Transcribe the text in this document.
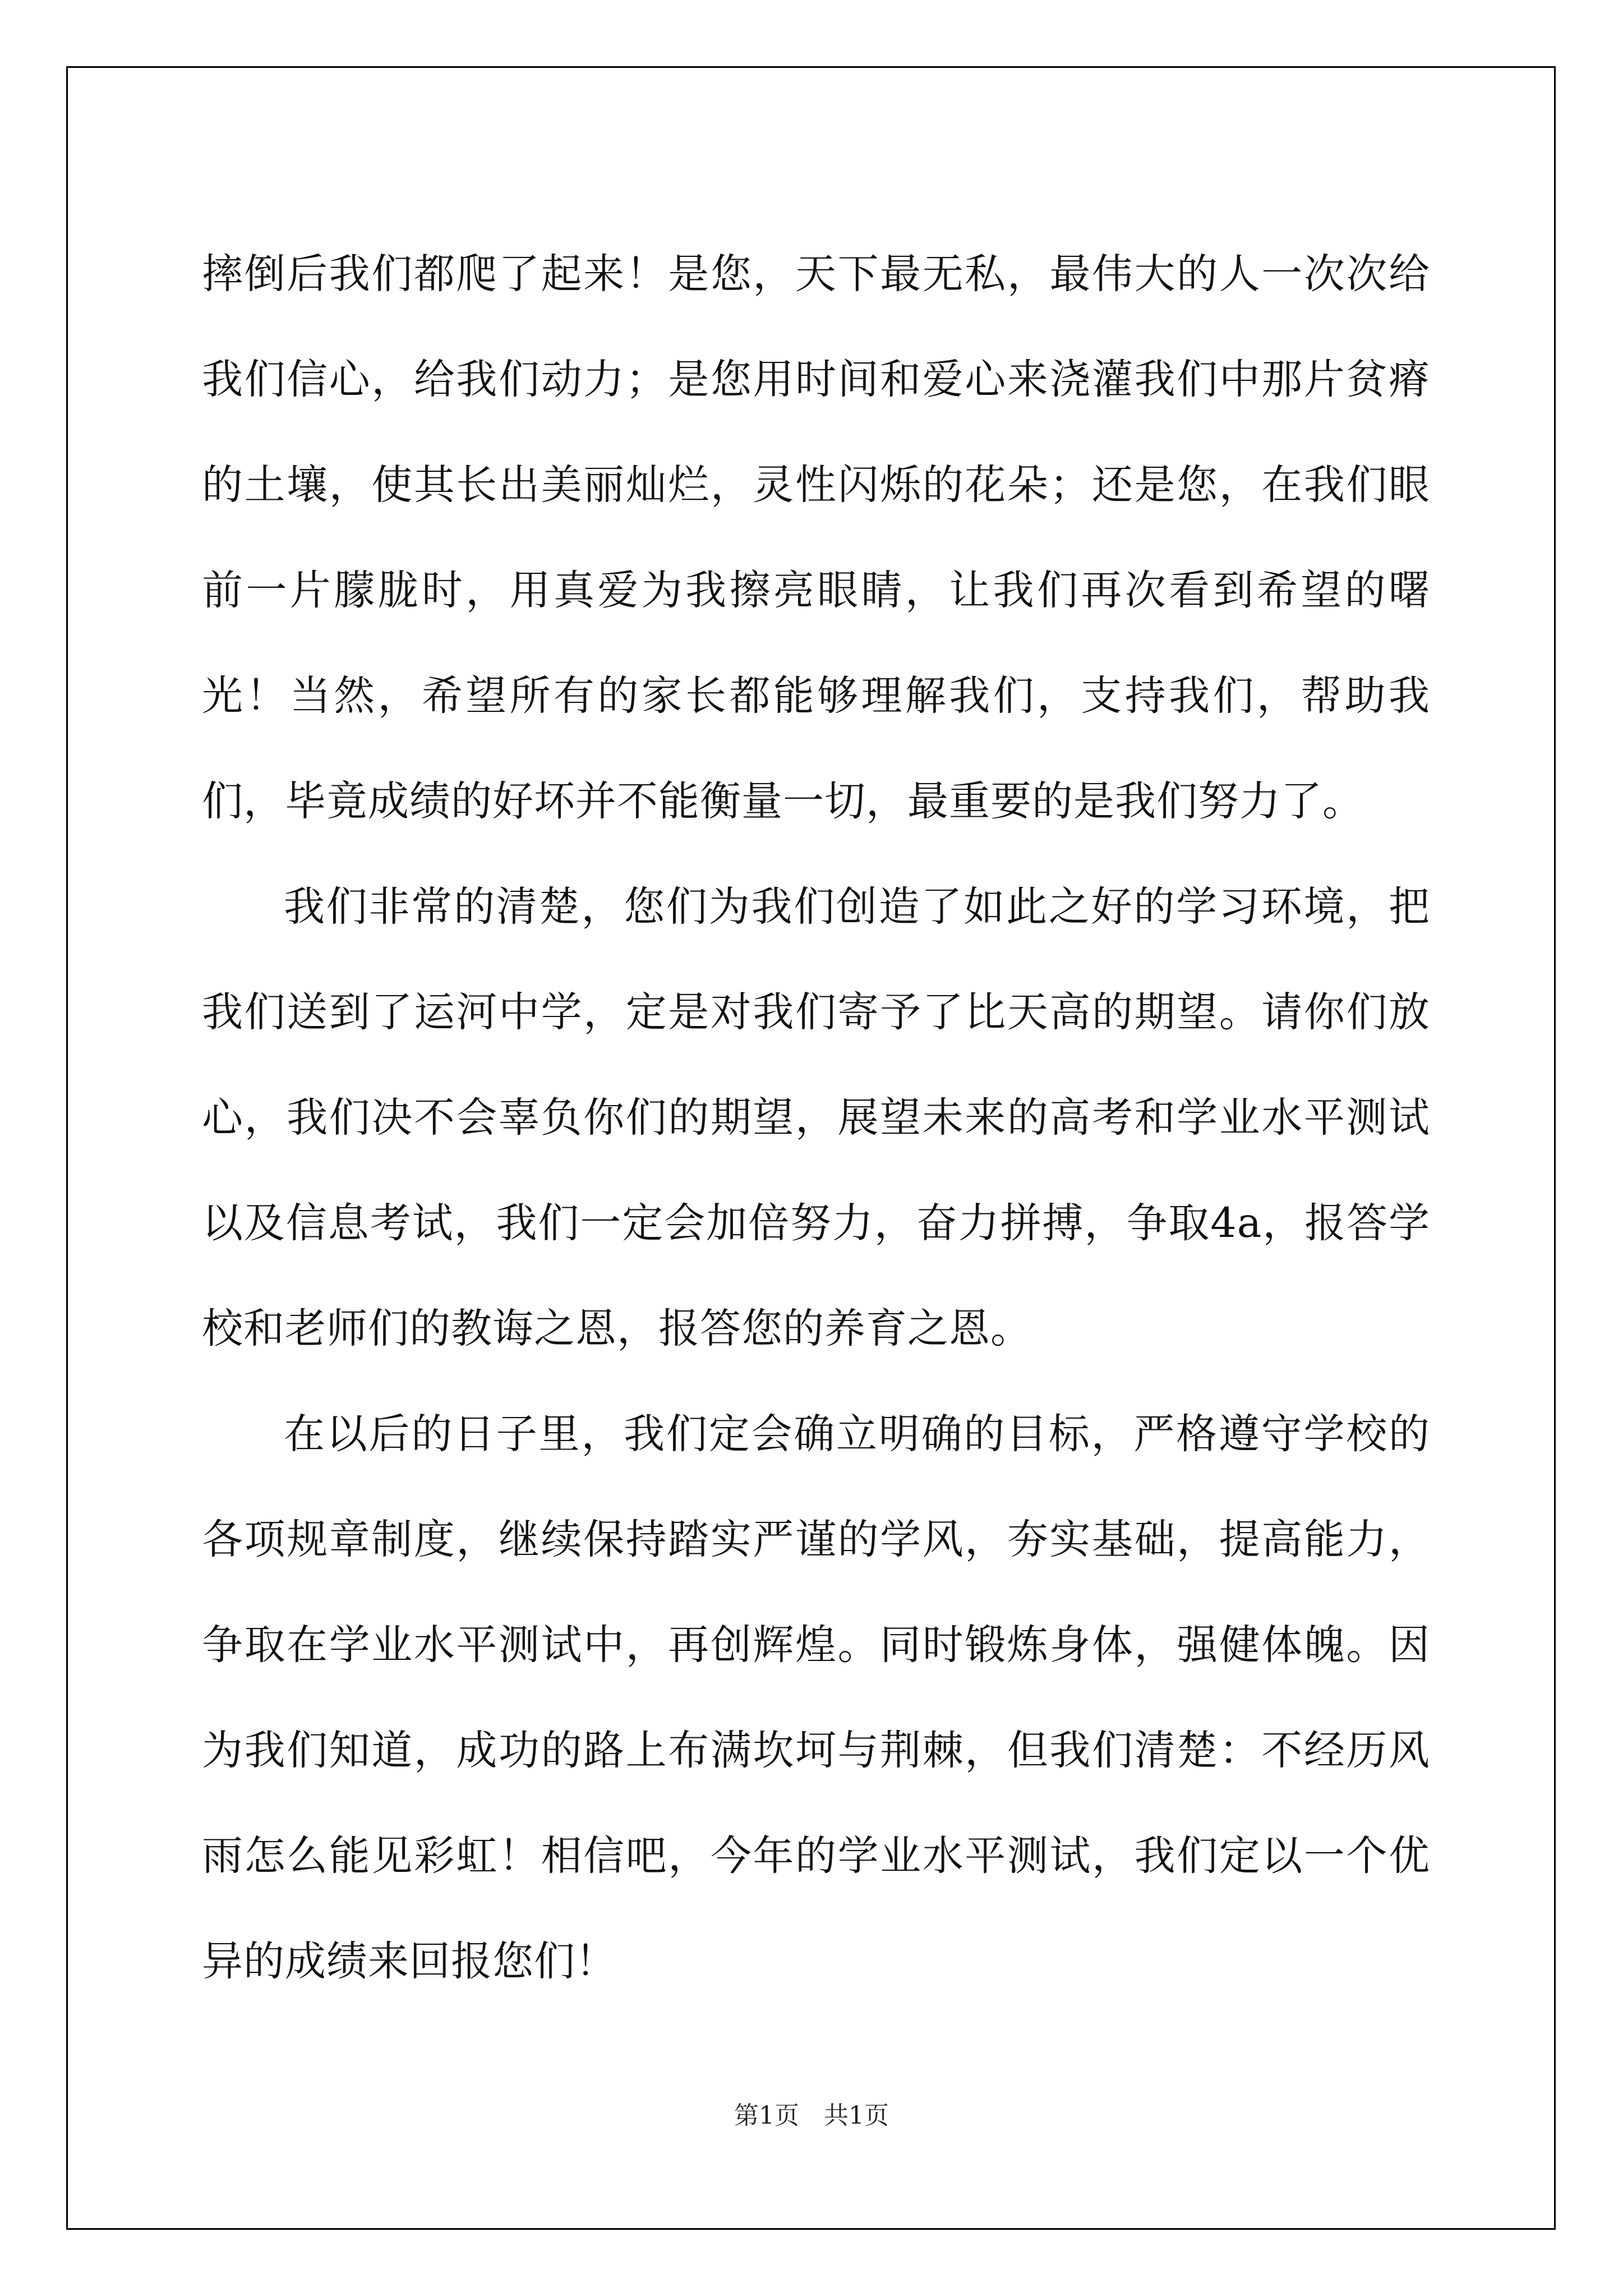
摔倒后我们都爬了起来！是您，天下最无私，最伟大的人一次次给我们信心，给我们动力；是您用时间和爱心来浇灌我们中那片贫瘠的土壤，使其长出美丽灿烂，灵性闪烁的花朵；还是您，在我们眼前一片朦胧时，用真爱为我擦亮眼睛，让我们再次看到希望的曙光！当然，希望所有的家长都能够理解我们，支持我们，帮助我们，毕竟成绩的好坏并不能衡量一切，最重要的是我们努力了。

我们非常的清楚，您们为我们创造了如此之好的学习环境，把我们送到了运河中学，定是对我们寄予了比天高的期望。请你们放心，我们决不会辜负你们的期望，展望未来的高考和学业水平测试以及信息考试，我们一定会加倍努力，奋力拼搏，争取4a，报答学校和老师们的教诲之恩，报答您的养育之恩。

在以后的日子里，我们定会确立明确的目标，严格遵守学校的各项规章制度，继续保持踏实严谨的学风，夯实基础，提高能力，争取在学业水平测试中，再创辉煌。同时锻炼身体，强健体魄。因为我们知道，成功的路上布满坎坷与荆棘，但我们清楚：不经历风雨怎么能见彩虹！相信吧，今年的学业水平测试，我们定以一个优异的成绩来回报您们！

第1页　共1页
